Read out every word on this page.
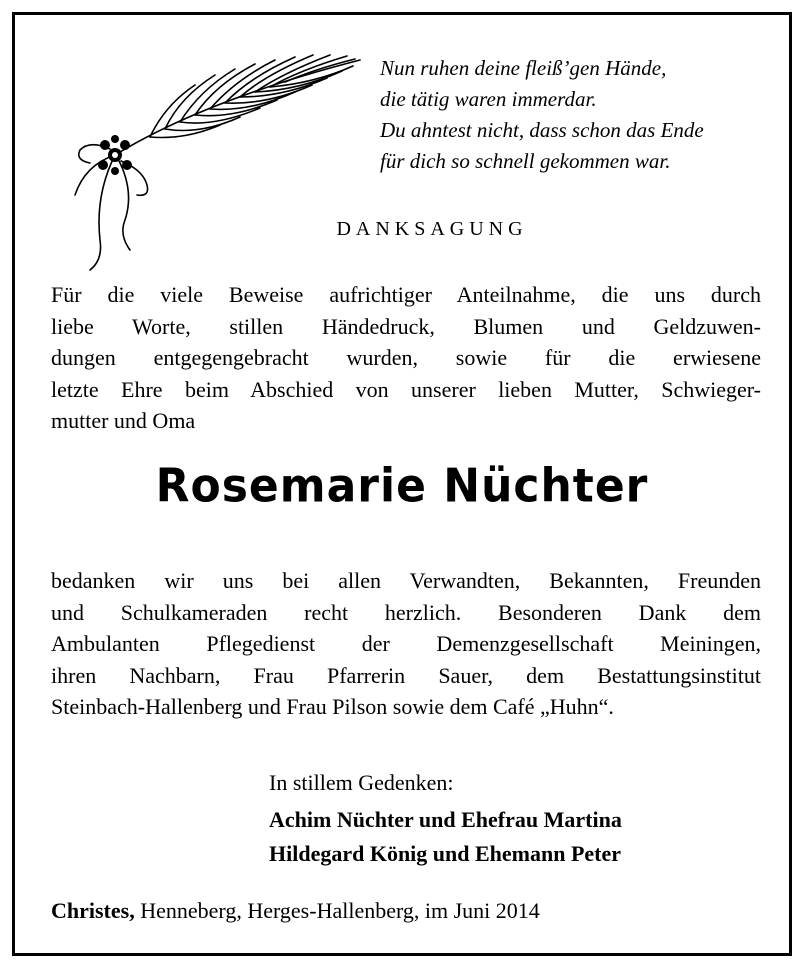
Nun ruhen deine fleiß’gen Hände,
die tätig waren immerdar.
Du ahntest nicht, dass schon das Ende
für dich so schnell gekommen war.
DANKSAGUNG
Für die viele Beweise aufrichtiger Anteilnahme, die uns durch
liebe Worte, stillen Händedruck, Blumen und Geldzuwen-
dungen entgegengebracht wurden, sowie für die erwiesene
letzte Ehre beim Abschied von unserer lieben Mutter, Schwieger-
mutter und Oma
Rosemarie Nüchter
bedanken wir uns bei allen Verwandten, Bekannten, Freunden
und Schulkameraden recht herzlich. Besonderen Dank dem
Ambulanten Pflegedienst der Demenzgesellschaft Meiningen,
ihren Nachbarn, Frau Pfarrerin Sauer, dem Bestattungsinstitut
Steinbach-Hallenberg und Frau Pilson sowie dem Café „Huhn“.
In stillem Gedenken:
Achim Nüchter und Ehefrau Martina
Hildegard König und Ehemann Peter
Christes, Henneberg, Herges-Hallenberg, im Juni 2014
